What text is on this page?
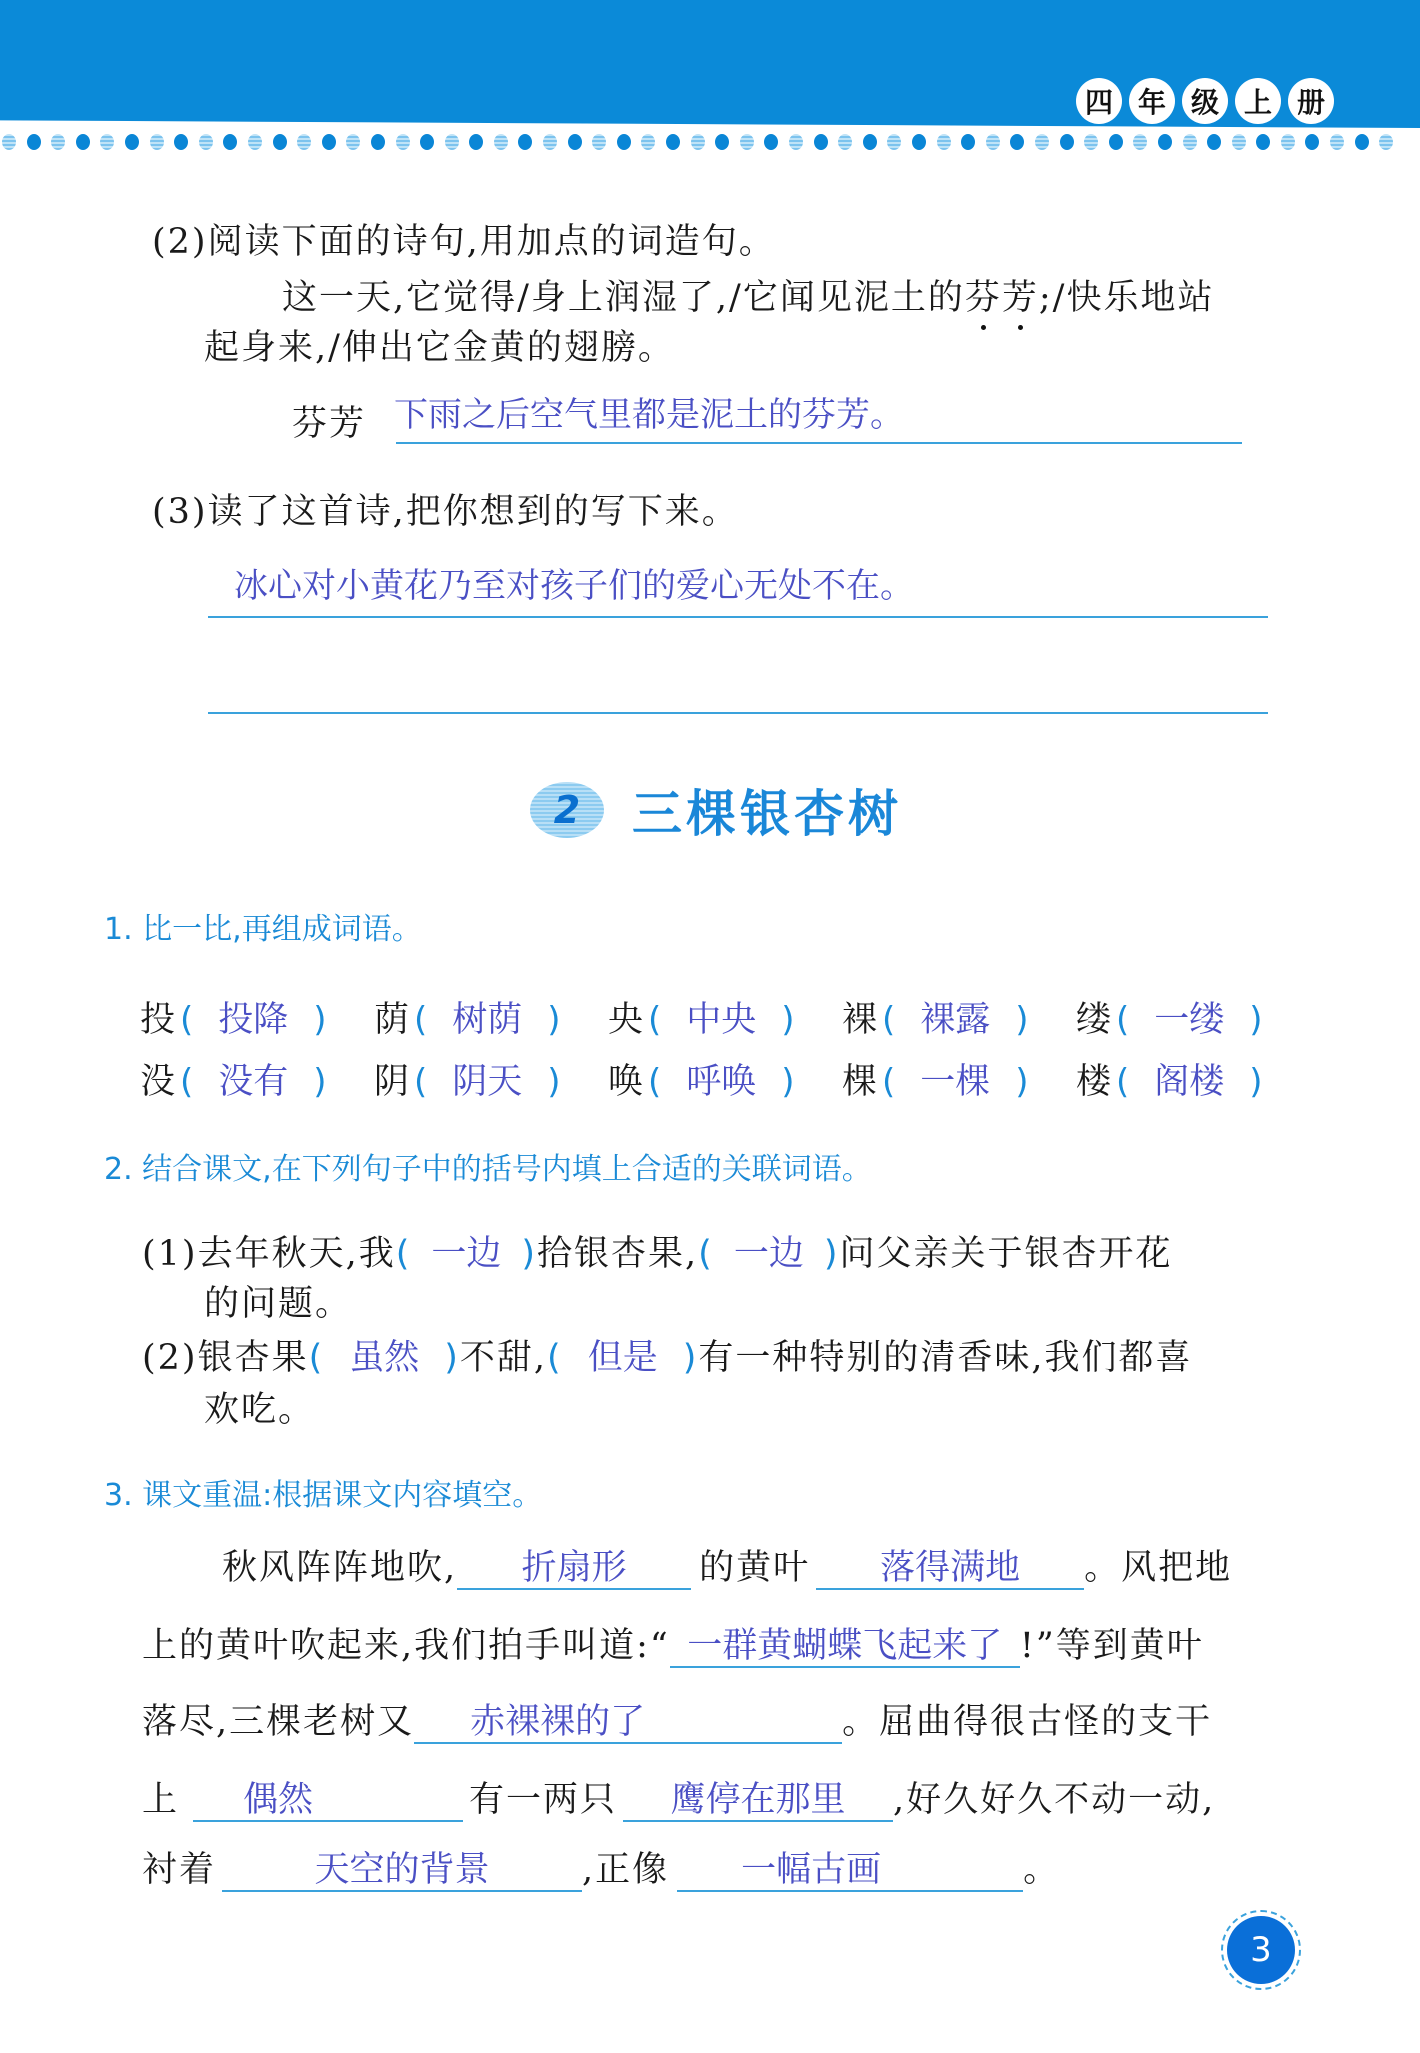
四 年 级 上 册
(2)阅读下面的诗句,用加点的词造句。
这一天,它觉得/身上润湿了,/它闻见泥土的芬芳;/快乐地站
起身来,/伸出它金黄的翅膀。
芬芳 下雨之后空气里都是泥土的芬芳。
(3)读了这首诗,把你想到的写下来。
冰心对小黄花乃至对孩子们的爱心无处不在。
2	三棵银杏树
1. 比一比,再组成词语。
投 ( 投降 ) 荫 ( 树荫 ) 央 ( 中央 ) 裸 ( 裸露 ) 缕 ( 一缕 )
没 ( 没有 ) 阴 ( 阴天 ) 唤 ( 呼唤 ) 棵 ( 一棵 ) 楼 ( 阁楼 )
2. 结合课文,在下列句子中的括号内填上合适的关联词语。
(1)去年秋天,我( 一边 )拾银杏果,( 一边 )问父亲关于银杏开花
的问题。
(2)银杏果( 虽然 )不甜,( 但是 )有一种特别的清香味,我们都喜
欢吃。
3. 课文重温:根据课文内容填空。
秋风阵阵地吹, 折扇形 的黄叶 落得满地 。风把地
上的黄叶吹起来,我们拍手叫道:“ 一群黄蝴蝶飞起来了 !”等到黄叶
落尽,三棵老树又 赤裸裸的了	。屈曲得很古怪的支干
上 偶然	有一两只 鹰停在那里 ,好久好久不动一动,
衬着	天空的背景	,正像 一幅古画	。
3
